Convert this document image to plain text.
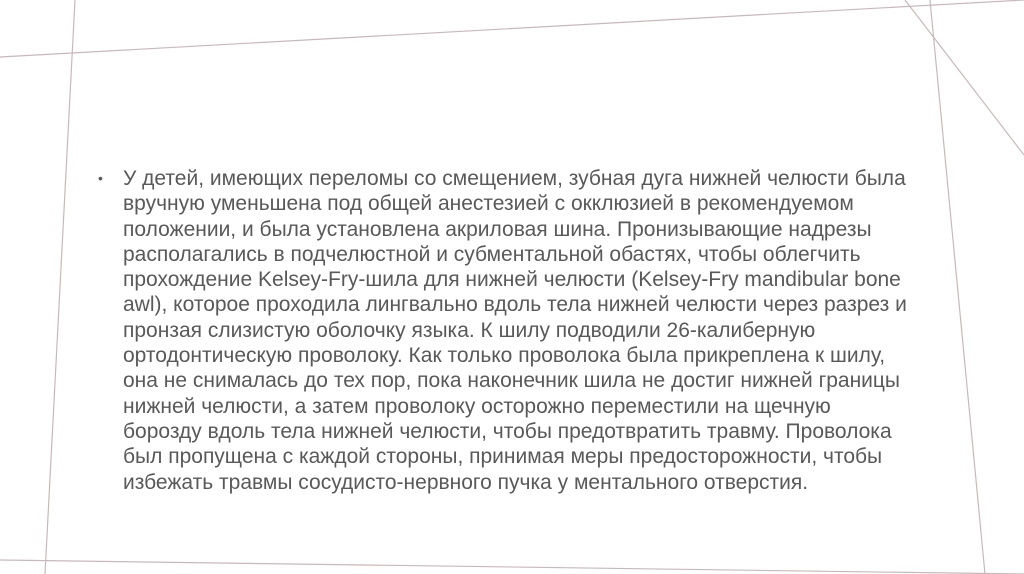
• У детей, имеющих переломы со смещением, зубная дуга нижней челюсти была вручную уменьшена под общей анестезией с окклюзией в рекомендуемом положении, и была установлена акриловая шина. Пронизывающие надрезы располагались в подчелюстной и субментальной обастях, чтобы облегчить прохождение Kelsey-Fry-шила для нижней челюсти (Kelsey-Fry mandibular bone awl), которое проходила лингвально вдоль тела нижней челюсти через разрез и пронзая слизистую оболочку языка. К шилу подводили 26-калиберную ортодонтическую проволоку. Как только проволока была прикреплена к шилу, она не снималась до тех пор, пока наконечник шила не достиг нижней границы нижней челюсти, а затем проволоку осторожно переместили на щечную борозду вдоль тела нижней челюсти, чтобы предотвратить травму. Проволока был пропущена с каждой стороны, принимая меры предосторожности, чтобы избежать травмы сосудисто-нервного пучка у ментального отверстия.
